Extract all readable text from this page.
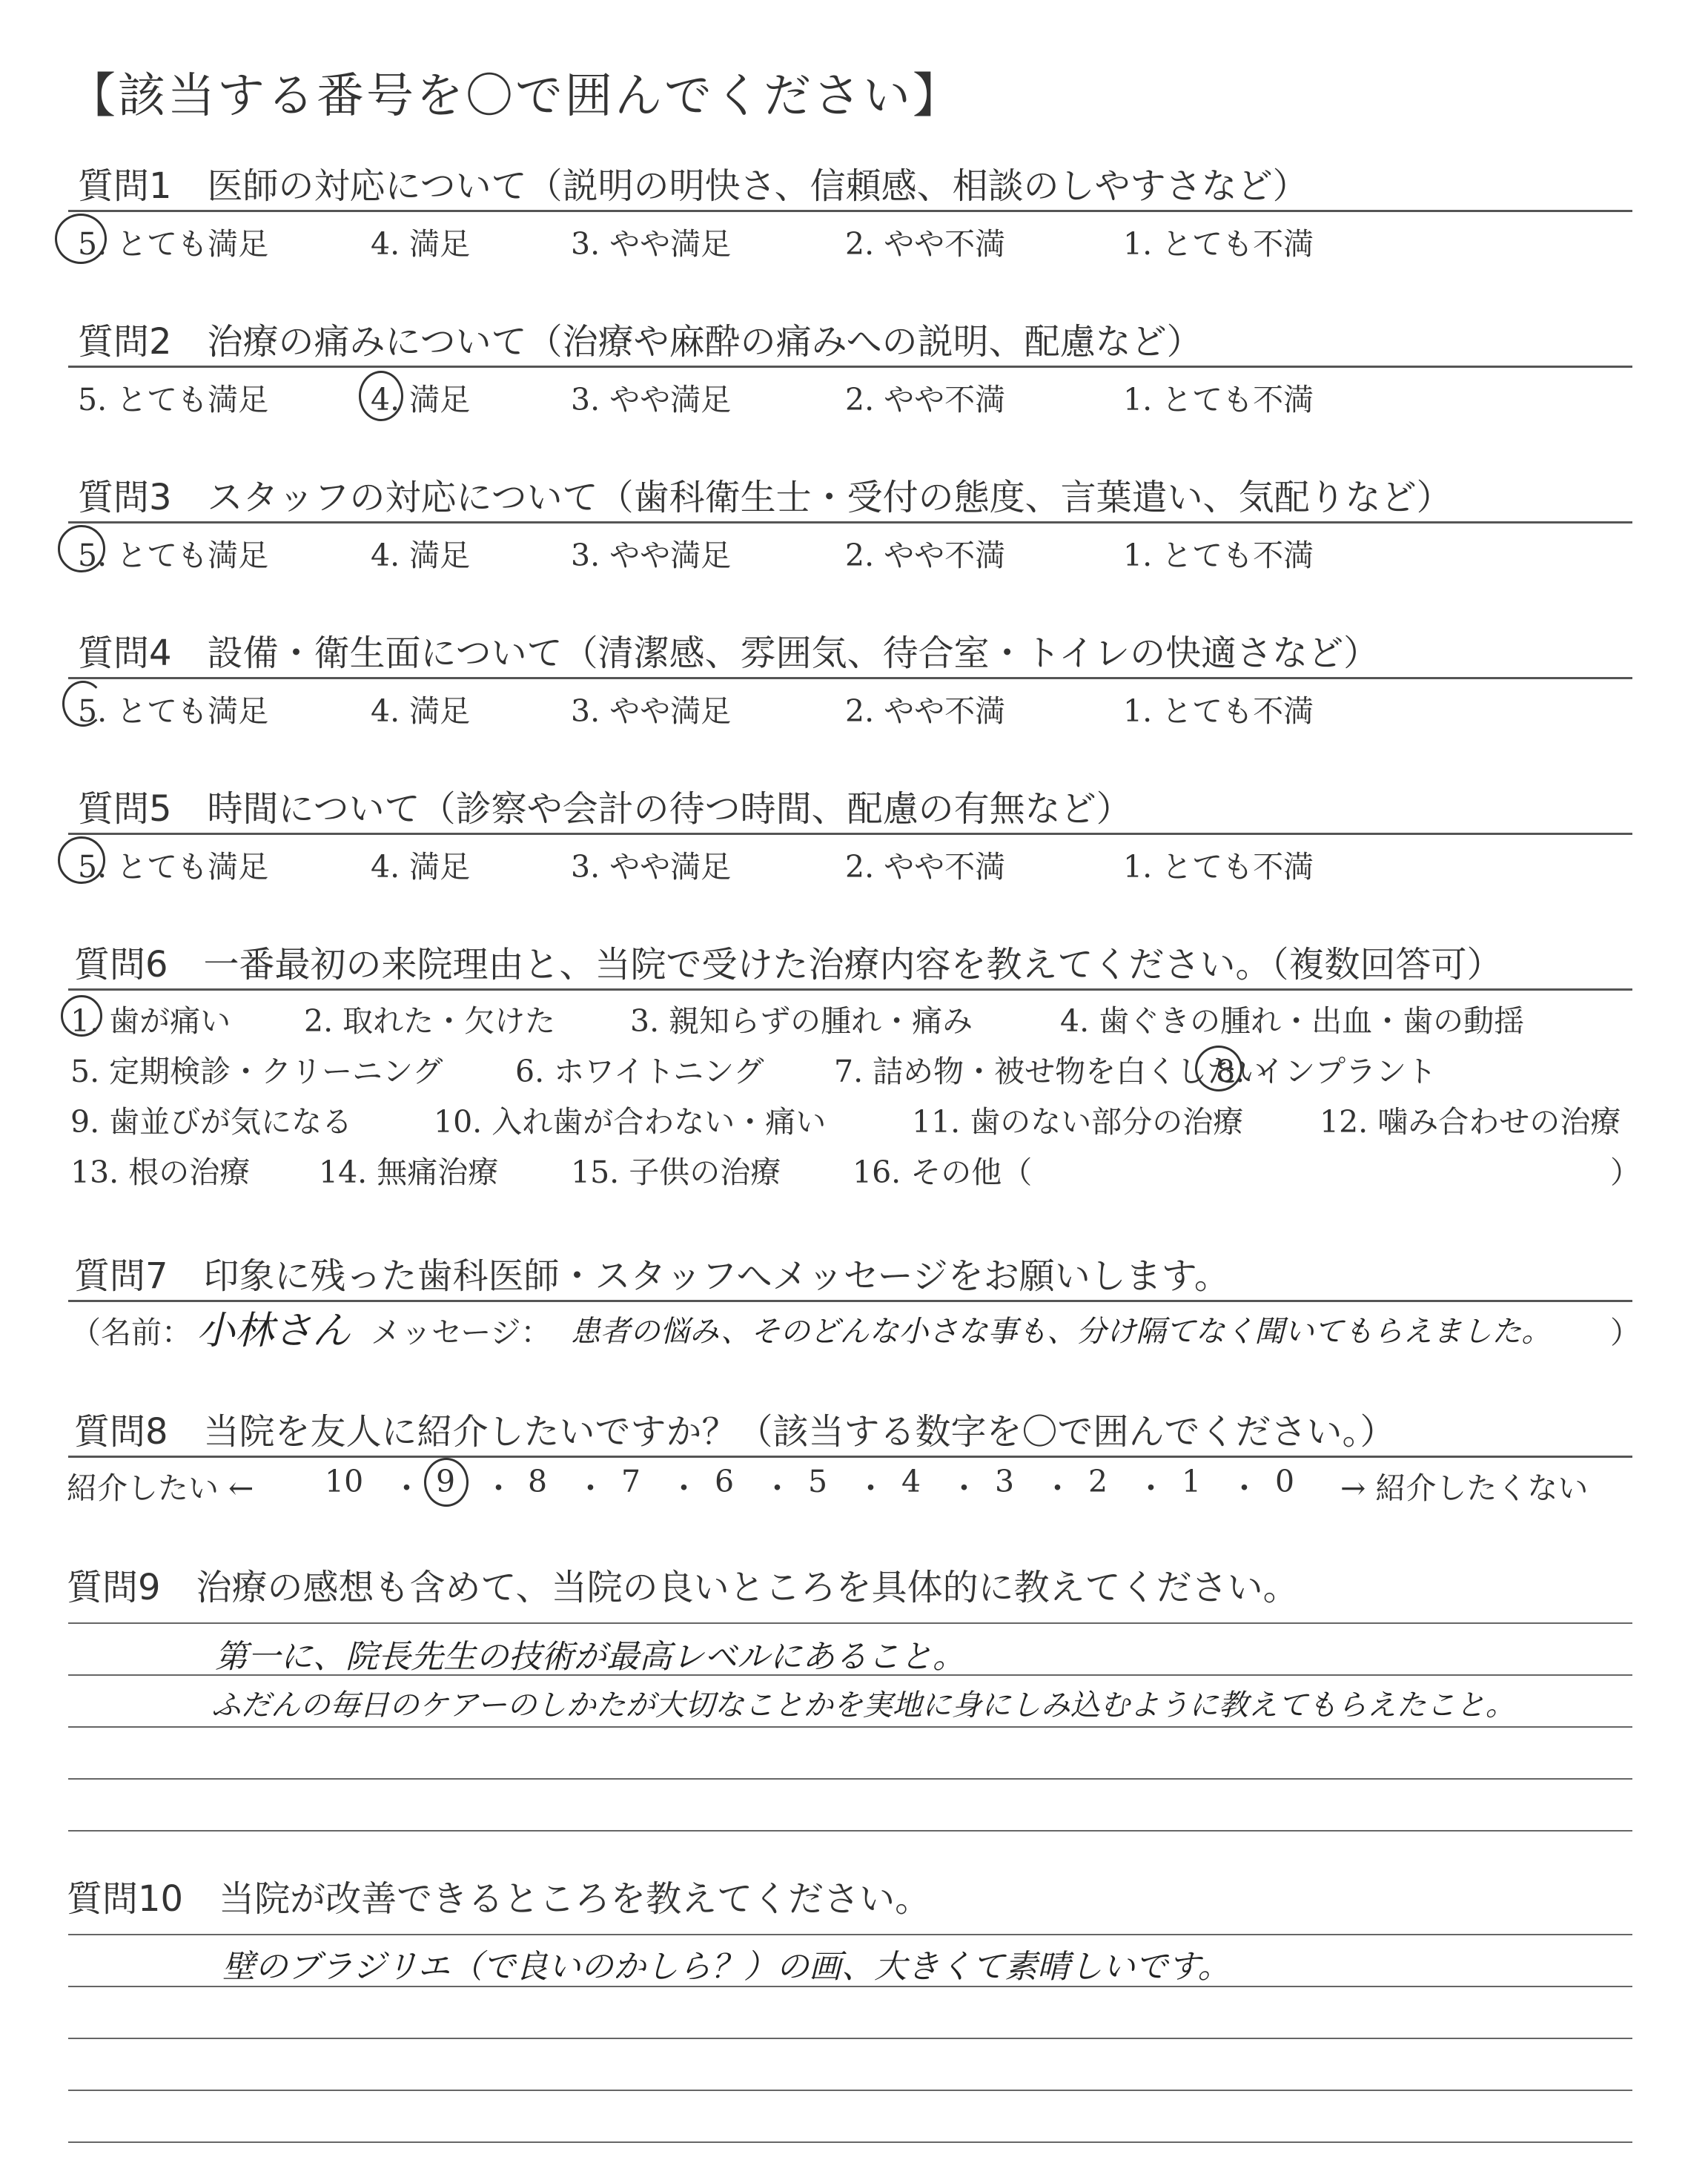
【該当する番号を〇で囲んでください】
質問1　医師の対応について（説明の明快さ、信頼感、相談のしやすさなど）
5. とても満足	4. 満足	3. やや満足	2. やや不満	1. とても不満
質問2　治療の痛みについて（治療や麻酔の痛みへの説明、配慮など）
5. とても満足	4. 満足	3. やや満足	2. やや不満	1. とても不満
質問3　スタッフの対応について（歯科衛生士・受付の態度、言葉遣い、気配りなど）
5. とても満足	4. 満足	3. やや満足	2. やや不満	1. とても不満
質問4　設備・衛生面について（清潔感、雰囲気、待合室・トイレの快適さなど）
5. とても満足	4. 満足	3. やや満足	2. やや不満	1. とても不満
質問5　時間について（診察や会計の待つ時間、配慮の有無など）
5. とても満足	4. 満足	3. やや満足	2. やや不満	1. とても不満
質問6　一番最初の来院理由と、当院で受けた治療内容を教えてください。（複数回答可）
1. 歯が痛い 2. 取れた・欠けた 3. 親知らずの腫れ・痛み	4. 歯ぐきの腫れ・出血・歯の動揺
5. 定期検診・クリーニング 6. ホワイトニング 7. 詰め物・被せ物を白くしたい
8. インプラント
9. 歯並びが気になる	10. 入れ歯が合わない・痛い	11. 歯のない部分の治療	12. 噛み合わせの治療
13. 根の治療 14. 無痛治療 15. 子供の治療 16. その他（	）
質問7　印象に残った歯科医師・スタッフへメッセージをお願いします。
（名前： 小林さん メッセージ： 患者の悩み、そのどんな小さな事も、分け隔てなく聞いてもらえました。 ）
質問8　当院を友人に紹介したいですか？（該当する数字を〇で囲んでください。）
紹介したい ← 10 ・ 9 ・ 8 ・ 7 ・ 6 ・ 5 ・ 4 ・ 3 ・ 2 ・ 1 ・ 0 → 紹介したくない
質問9　治療の感想も含めて、当院の良いところを具体的に教えてください。
第一に、院長先生の技術が最高レベルにあること。
ふだんの毎日のケアーのしかたが大切なことかを実地に身にしみ込むように教えてもらえたこと。
質問10　当院が改善できるところを教えてください。
壁のブラジリエ（で良いのかしら？）の画、大きくて素晴しいです。
